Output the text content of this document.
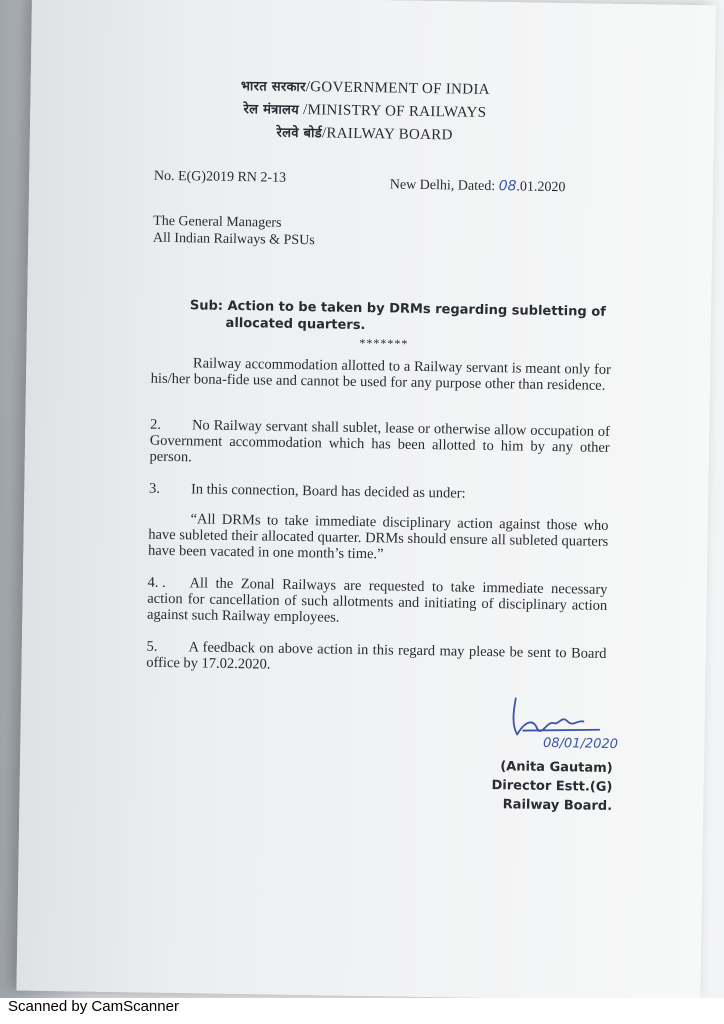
भारत सरकार/GOVERNMENT OF INDIA
रेल मंत्रालय /MINISTRY OF RAILWAYS
रेलवे बोर्ड/RAILWAY BOARD
No. E(G)2019 RN 2-13	New Delhi, Dated: 08.01.2020
The General Managers
All Indian Railways & PSUs
Sub: Action to be taken by DRMs regarding subletting of
allocated quarters.
*******
Railway accommodation allotted to a Railway servant is meant only for his/her bona-fide use and cannot be used for any purpose other than residence.
2. No Railway servant shall sublet, lease or otherwise allow occupation of Government accommodation which has been allotted to him by any other person.
3. In this connection, Board has decided as under:
“All DRMs to take immediate disciplinary action against those who have subleted their allocated quarter. DRMs should ensure all subleted quarters have been vacated in one month’s time.”
4. . All the Zonal Railways are requested to take immediate necessary action for cancellation of such allotments and initiating of disciplinary action against such Railway employees.
5. A feedback on above action in this regard may please be sent to Board office by 17.02.2020.
08/01/2020
(Anita Gautam)
Director Estt.(G)
Railway Board.
Scanned by CamScanner
